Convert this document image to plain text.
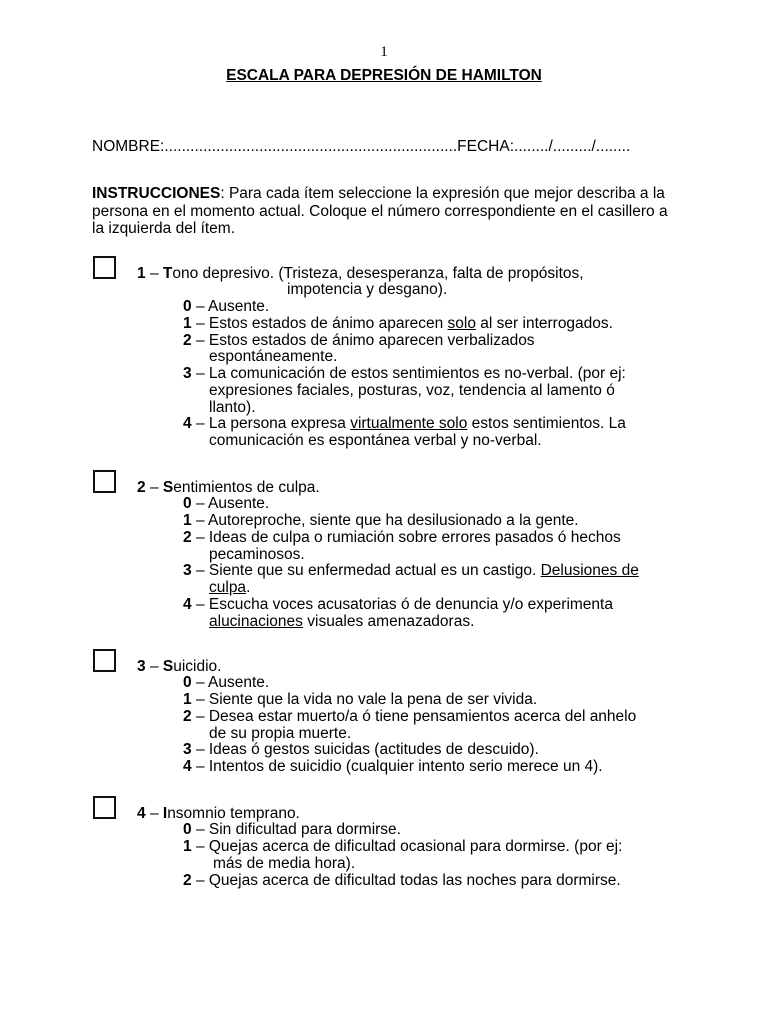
1
ESCALA PARA DEPRESIÓN DE HAMILTON
NOMBRE:....................................................................FECHA:......../........./........
INSTRUCCIONES: Para cada ítem seleccione la expresión que mejor describa a la
persona en el momento actual. Coloque el número correspondiente en el casillero a
la izquierda del ítem.
1 – Tono depresivo. (Tristeza, desesperanza, falta de propósitos,
impotencia y desgano).
0 – Ausente.
1 – Estos estados de ánimo aparecen solo al ser interrogados.
2 – Estos estados de ánimo aparecen verbalizados
espontáneamente.
3 – La comunicación de estos sentimientos es no-verbal. (por ej:
expresiones faciales, posturas, voz, tendencia al lamento ó
llanto).
4 – La persona expresa virtualmente solo estos sentimientos. La
comunicación es espontánea verbal y no-verbal.
2 – Sentimientos de culpa.
0 – Ausente.
1 – Autoreproche, siente que ha desilusionado a la gente.
2 – Ideas de culpa o rumiación sobre errores pasados ó hechos
pecaminosos.
3 – Siente que su enfermedad actual es un castigo. Delusiones de
culpa.
4 – Escucha voces acusatorias ó de denuncia y/o experimenta
alucinaciones visuales amenazadoras.
3 – Suicidio.
0 – Ausente.
1 – Siente que la vida no vale la pena de ser vivida.
2 – Desea estar muerto/a ó tiene pensamientos acerca del anhelo
de su propia muerte.
3 – Ideas ó gestos suicidas (actitudes de descuido).
4 – Intentos de suicidio (cualquier intento serio merece un 4).
4 – Insomnio temprano.
0 – Sin dificultad para dormirse.
1 – Quejas acerca de dificultad ocasional para dormirse. (por ej:
más de media hora).
2 – Quejas acerca de dificultad todas las noches para dormirse.
